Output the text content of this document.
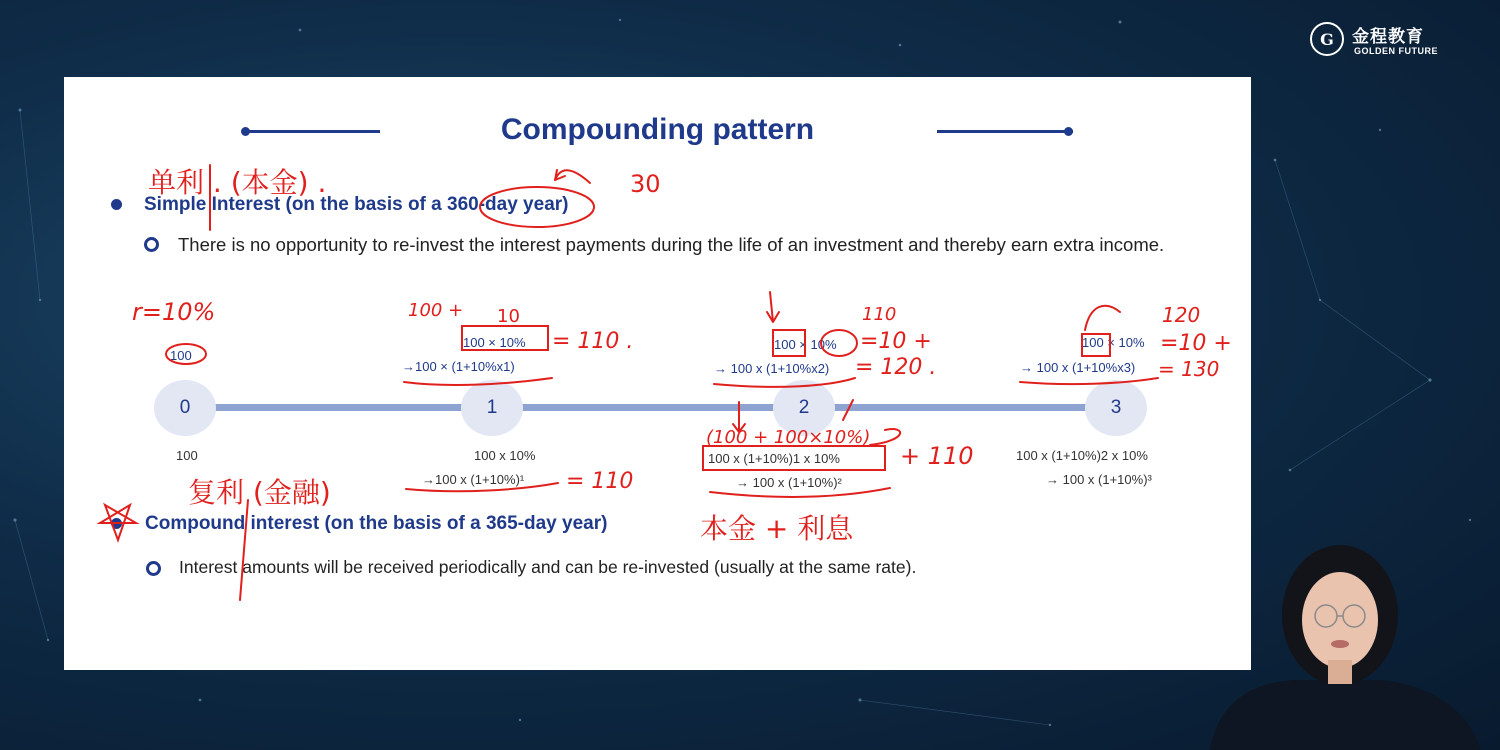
G	金程教育
GOLDEN FUTURE
Compounding pattern
Simple Interest (on the basis of a 360-day year)
There is no opportunity to re-invest the interest payments during the life of an investment and thereby earn extra income.
0	1	2	3
100
100 × 10%
→100 × (1+10%x1)
100 × 10%
→ 100 x (1+10%x2)
100 × 10%
→ 100 x (1+10%x3)
100	100 x 10%
→100 x (1+10%)¹
100 x (1+10%)1 x 10%
→ 100 x (1+10%)²
100 x (1+10%)2 x 10%
→ 100 x (1+10%)³
Compound interest (on the basis of a 365-day year)
Interest amounts will be received periodically and can be re-invested (usually at the same rate).
单利 . (本金) .	30
r=10%	100 + 10
= 110 .
110
=10 +
= 120 .
120
=10 +
= 130
= 110
+ 110
(100 + 100×10%)
复利 (金融)
本金 + 利息
